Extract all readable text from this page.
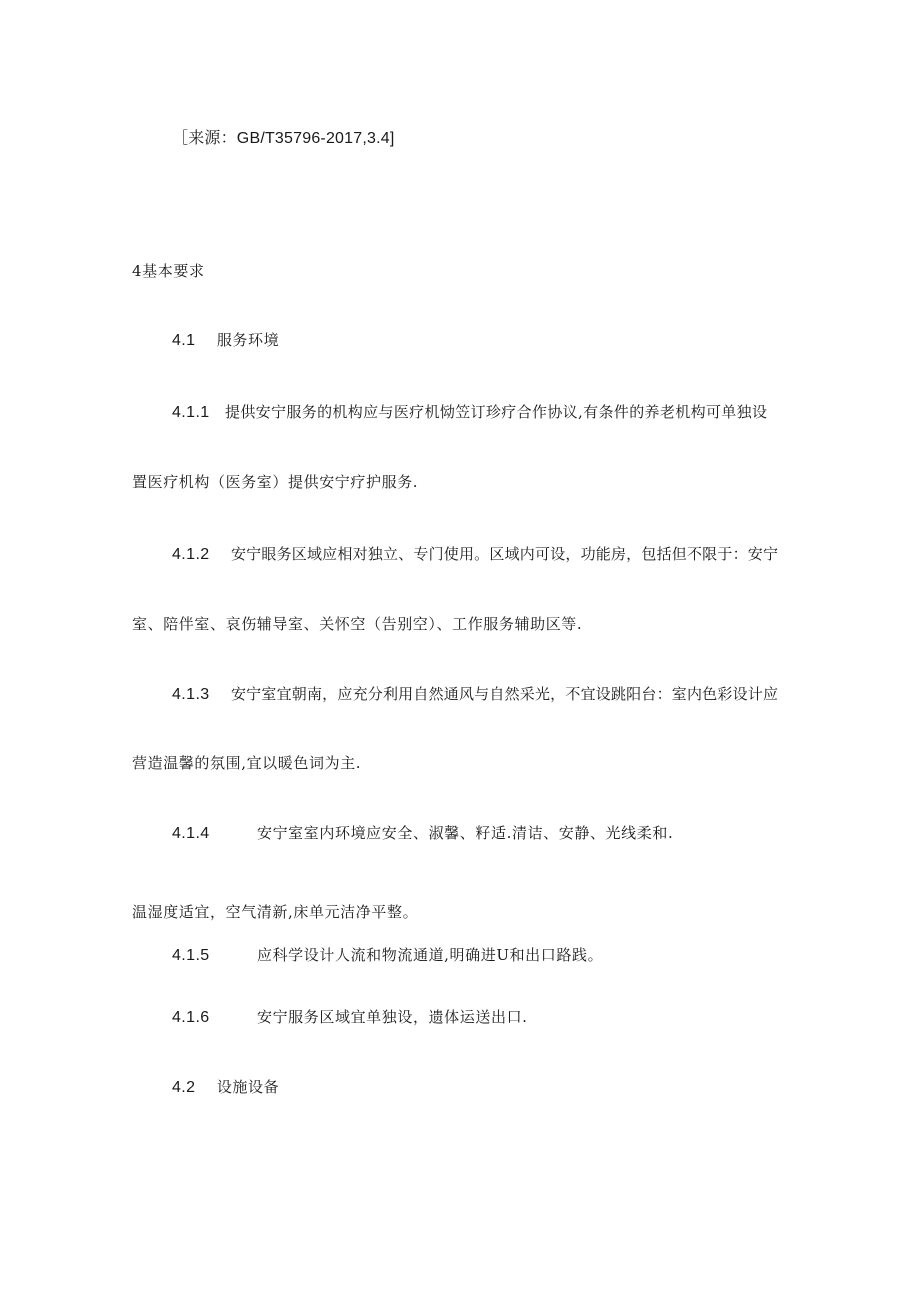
［来源：GB/T35796-2017,3.4]
4基本要求
4.1 服务环境
4.1.1 提供安宁服务的机构应与医疗机恸笠订珍疗合作协议,有条件的养老机构可单独设
置医疗机构（医务室）提供安宁疗护服务.
4.1.2 安宁眼务区域应相对独立、专门使用。区域内可设，功能房，包括但不限于：安宁
室、陪伴室、哀伤辅导室、关怀空（告别空）、工作服务辅助区等.
4.1.3 安宁室宜朝南，应充分利用自然通风与自然采光，不宜设跳阳台：室内色彩设计应
营造温馨的氛围,宜以暖色词为主.
4.1.4	安宁室室内环境应安全、淑馨、籽适.清诘、安静、光线柔和.
温湿度适宜，空气清新,床单元洁净平整。
4.1.5	应科学设计人流和物流通道,明确进U和出口路践。
4.1.6	安宁服务区域宜单独设，遗体运送出口.
4.2 设施设备
